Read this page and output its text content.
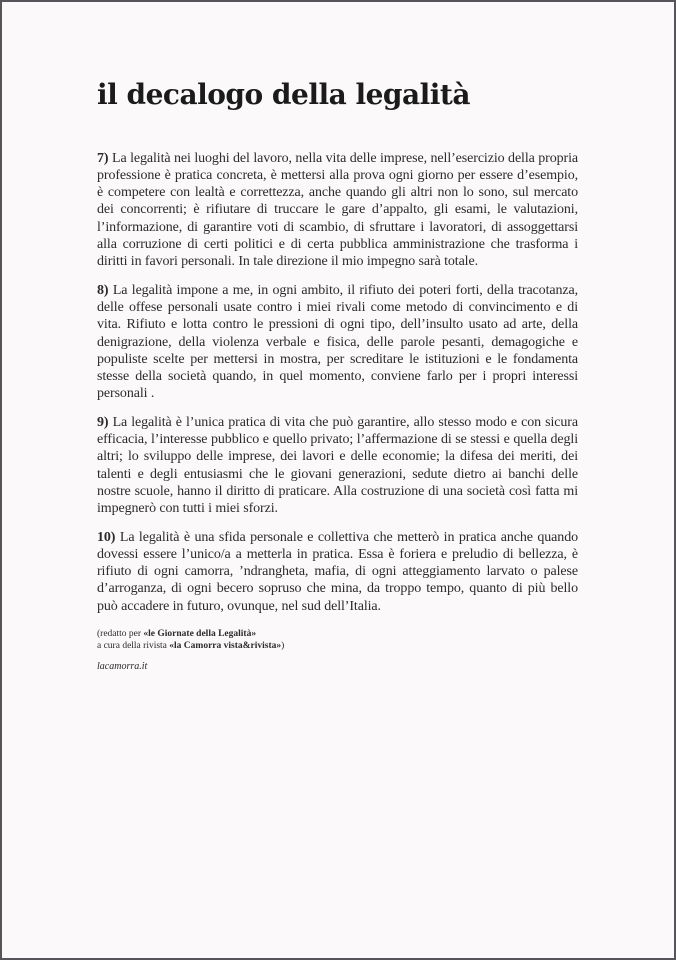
il decalogo della legalità

7) La legalità nei luoghi del lavoro, nella vita delle imprese, nell’esercizio della propria professione è pratica concreta, è mettersi alla prova ogni giorno per essere d’esempio, è competere con lealtà e correttezza, anche quando gli altri non lo sono, sul mercato dei concorrenti; è rifiutare di truccare le gare d’appalto, gli esami, le valutazioni, l’informazione, di garantire voti di scambio, di sfruttare i lavoratori, di assoggettarsi alla corruzione di certi politici e di certa pubblica amministrazione che trasforma i diritti in favori personali. In tale direzione il mio impegno sarà totale.

8) La legalità impone a me, in ogni ambito, il rifiuto dei poteri forti, della tracotanza, delle offese personali usate contro i miei rivali come metodo di convincimento e di vita. Rifiuto e lotta contro le pressioni di ogni tipo, dell’insulto usato ad arte, della denigrazione, della violenza verbale e fisica, delle parole pesanti, demagogiche e populiste scelte per mettersi in mostra, per screditare le istituzioni e le fondamenta stesse della società quando, in quel momento, conviene farlo per i propri interessi personali .

9) La legalità è l’unica pratica di vita che può garantire, allo stesso modo e con sicura efficacia, l’interesse pubblico e quello privato; l’affermazione di se stessi e quella degli altri; lo sviluppo delle imprese, dei lavori e delle economie; la difesa dei meriti, dei talenti e degli entusiasmi che le giovani generazioni, sedute dietro ai banchi delle nostre scuole, hanno il diritto di praticare. Alla costruzione di una società così fatta mi impegnerò con tutti i miei sforzi.

10) La legalità è una sfida personale e collettiva che metterò in pratica anche quando dovessi essere l’unico/a a metterla in pratica. Essa è foriera e preludio di bellezza, è rifiuto di ogni camorra, ’ndrangheta, mafia, di ogni atteggiamento larvato o palese d’arroganza, di ogni becero sopruso che mina, da troppo tempo, quanto di più bello può accadere in futuro, ovunque, nel sud dell’Italia.

(redatto per «le Giornate della Legalità»
a cura della rivista «la Camorra vista&rivista»)
lacamorra.it
